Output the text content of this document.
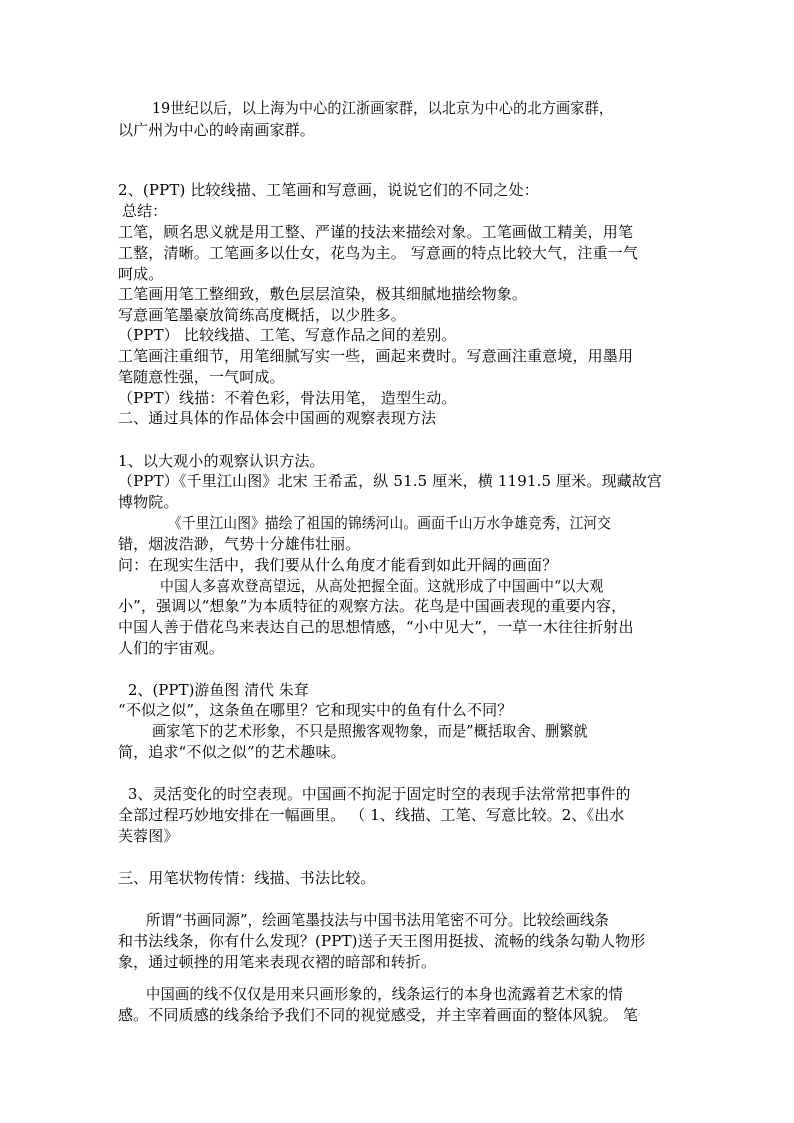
19世纪以后，以上海为中心的江浙画家群，以北京为中心的北方画家群，
以广州为中心的岭南画家群。
2、(PPT) 比较线描、工笔画和写意画，说说它们的不同之处：
总结：
工笔，顾名思义就是用工整、严谨的技法来描绘对象。工笔画做工精美，用笔
工整，清晰。工笔画多以仕女，花鸟为主。 写意画的特点比较大气，注重一气
呵成。
工笔画用笔工整细致，敷色层层渲染，极其细腻地描绘物象。
写意画笔墨豪放简练高度概括，以少胜多。
（PPT） 比较线描、工笔、写意作品之间的差别。
工笔画注重细节，用笔细腻写实一些，画起来费时。写意画注重意境，用墨用
笔随意性强，一气呵成。
（PPT）线描：不着色彩，骨法用笔， 造型生动。
二、通过具体的作品体会中国画的观察表现方法
1、以大观小的观察认识方法。
（PPT）《千里江山图》北宋 王希孟，纵 51.5 厘米，横 1191.5 厘米。现藏故宫
博物院。
《千里江山图》描绘了祖国的锦绣河山。画面千山万水争雄竞秀，江河交
错，烟波浩渺，气势十分雄伟壮丽。
问：在现实生活中，我们要从什么角度才能看到如此开阔的画面？
中国人多喜欢登高望远，从高处把握全面。这就形成了中国画中“以大观
小”，强调以“想象”为本质特征的观察方法。花鸟是中国画表现的重要内容，
中国人善于借花鸟来表达自己的思想情感，“小中见大”，一草一木往往折射出
人们的宇宙观。
2、(PPT)游鱼图 清代 朱耷
“不似之似”，这条鱼在哪里？它和现实中的鱼有什么不同？
画家笔下的艺术形象，不只是照搬客观物象，而是”概括取舍、删繁就
简，追求“不似之似”的艺术趣味。
3、灵活变化的时空表现。中国画不拘泥于固定时空的表现手法常常把事件的
全部过程巧妙地安排在一幅画里。 （ 1、线描、工笔、写意比较。2、《出水
芙蓉图》
三、用笔状物传情：线描、书法比较。
所谓“书画同源”，绘画笔墨技法与中国书法用笔密不可分。比较绘画线条
和书法线条，你有什么发现？(PPT)送子天王图用挺拔、流畅的线条勾勒人物形
象，通过顿挫的用笔来表现衣褶的暗部和转折。
中国画的线不仅仅是用来只画形象的，线条运行的本身也流露着艺术家的情
感。不同质感的线条给予我们不同的视觉感受，并主宰着画面的整体风貌。 笔
